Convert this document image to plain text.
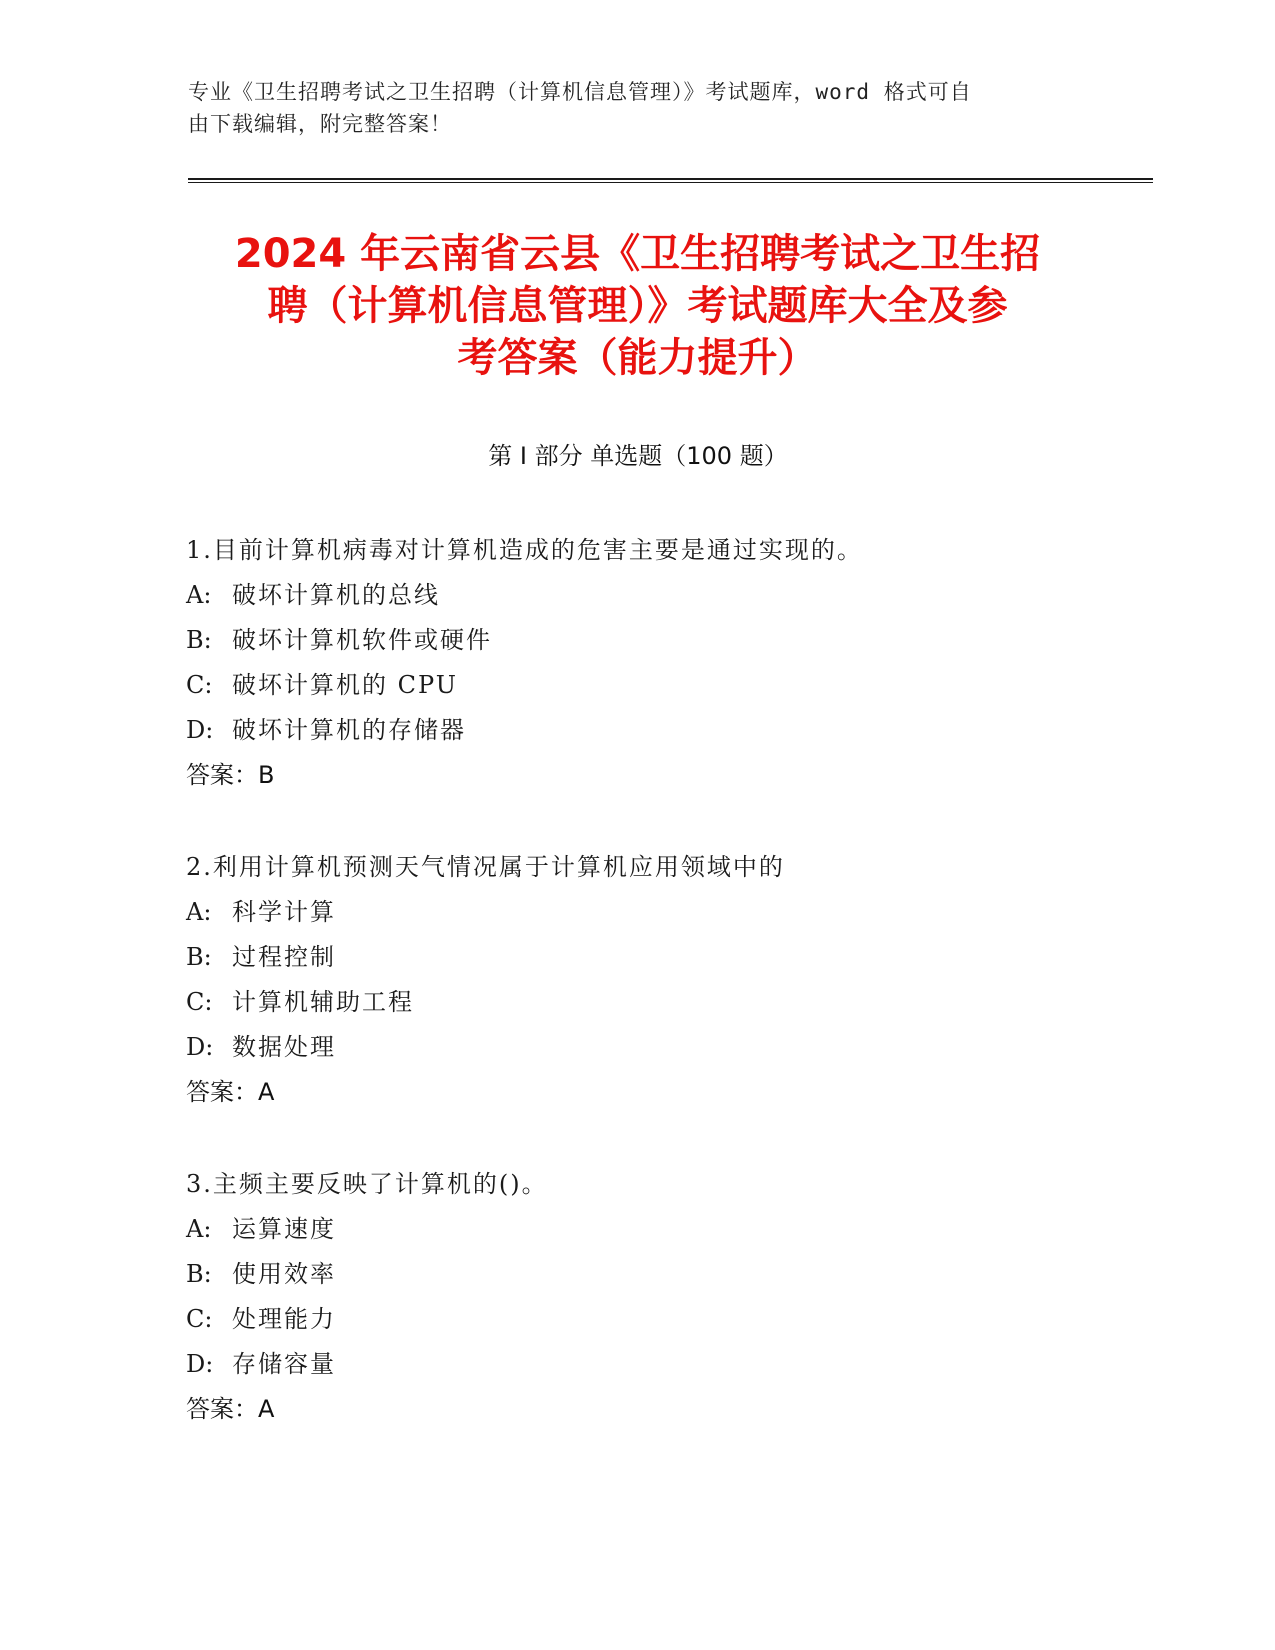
专业《卫生招聘考试之卫生招聘（计算机信息管理）》考试题库，word 格式可自
由下载编辑，附完整答案！
2024 年云南省云县《卫生招聘考试之卫生招
聘（计算机信息管理）》考试题库大全及参
考答案（能力提升）
第 I 部分 单选题（100 题）
1.目前计算机病毒对计算机造成的危害主要是通过实现的。
A: 破坏计算机的总线
B: 破坏计算机软件或硬件
C: 破坏计算机的 CPU
D: 破坏计算机的存储器
答案：B
2.利用计算机预测天气情况属于计算机应用领域中的
A: 科学计算
B: 过程控制
C: 计算机辅助工程
D: 数据处理
答案：A
3.主频主要反映了计算机的()。
A: 运算速度
B: 使用效率
C: 处理能力
D: 存储容量
答案：A
